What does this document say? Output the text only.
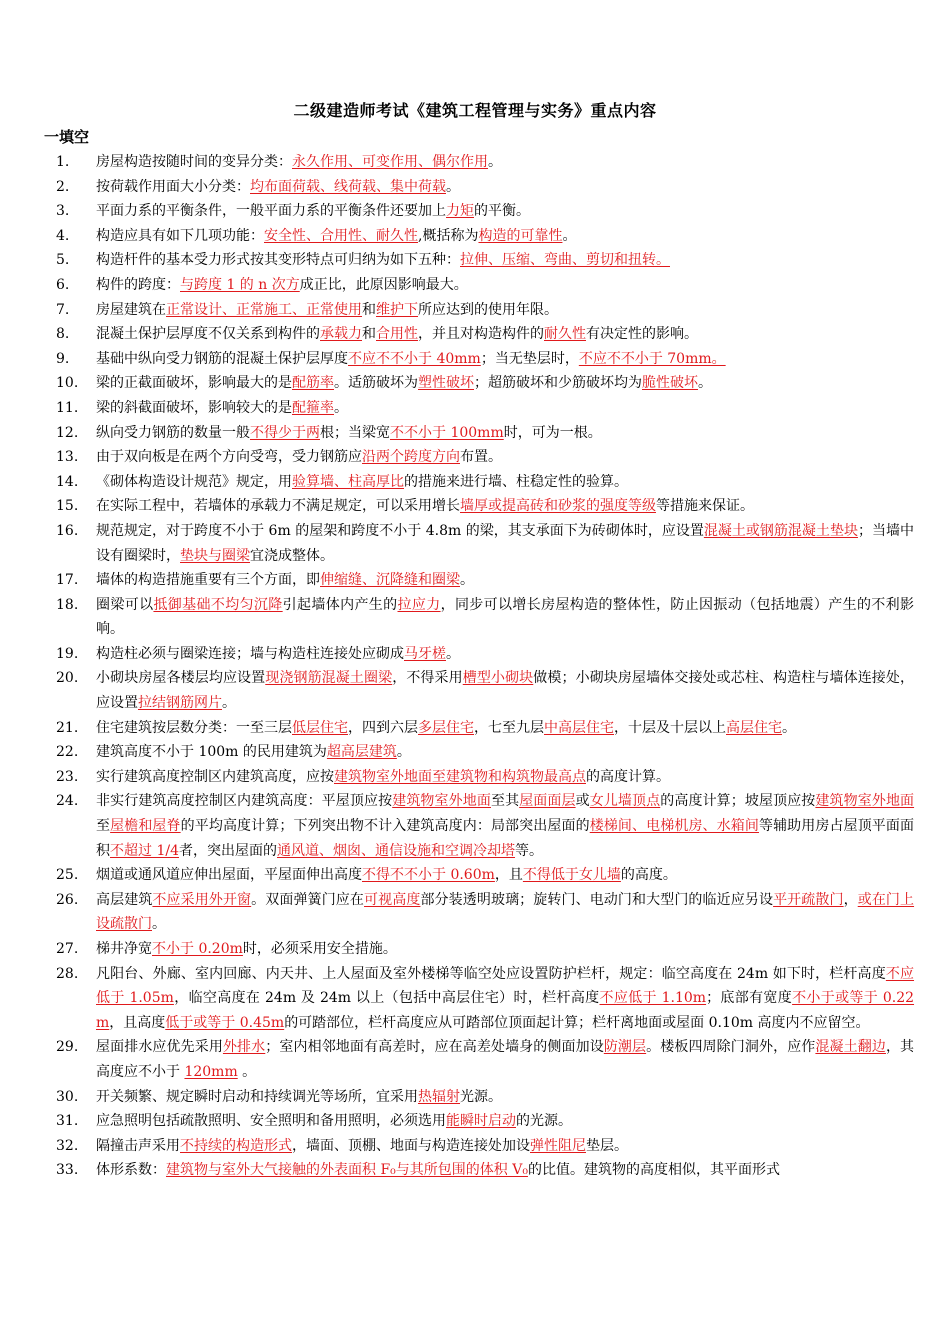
二级建造师考试《建筑工程管理与实务》重点内容
一填空
1.	房屋构造按随时间的变异分类：永久作用、可变作用、偶尔作用。
2.	按荷载作用面大小分类：均布面荷载、线荷载、集中荷载。
3.	平面力系的平衡条件，一般平面力系的平衡条件还要加上力矩的平衡。
4.	构造应具有如下几项功能：安全性、合用性、耐久性,概括称为构造的可靠性。
5.	构造杆件的基本受力形式按其变形特点可归纳为如下五种：拉伸、压缩、弯曲、剪切和扭转。
6.	构件的跨度：与跨度 1 的 n 次方成正比，此原因影响最大。
7.	房屋建筑在正常设计、正常施工、正常使用和维护下所应达到的使用年限。
8.	混凝土保护层厚度不仅关系到构件的承载力和合用性，并且对构造构件的耐久性有决定性的影响。
9.	基础中纵向受力钢筋的混凝土保护层厚度不应不不小于 40mm；当无垫层时，不应不不小于 70mm。
10.	梁的正截面破坏，影响最大的是配筋率。适筋破坏为塑性破坏；超筋破坏和少筋破坏均为脆性破坏。
11.	梁的斜截面破坏，影响较大的是配箍率。
12.	纵向受力钢筋的数量一般不得少于两根；当梁宽不不小于 100mm时，可为一根。
13.	由于双向板是在两个方向受弯，受力钢筋应沿两个跨度方向布置。
14.	《砌体构造设计规范》规定，用验算墙、柱高厚比的措施来进行墙、柱稳定性的验算。
15.	在实际工程中，若墙体的承载力不满足规定，可以采用增长墙厚或提高砖和砂浆的强度等级等措施来保证。
16.	规范规定，对于跨度不小于 6m 的屋架和跨度不小于 4.8m 的梁，其支承面下为砖砌体时，应设置混凝土或钢筋混凝土垫块；当墙中设有圈梁时，垫块与圈梁宜浇成整体。
17.	墙体的构造措施重要有三个方面，即伸缩缝、沉降缝和圈梁。
18.	圈梁可以抵御基础不均匀沉降引起墙体内产生的拉应力，同步可以增长房屋构造的整体性，防止因振动（包括地震）产生的不利影响。
19.	构造柱必须与圈梁连接；墙与构造柱连接处应砌成马牙槎。
20.	小砌块房屋各楼层均应设置现浇钢筋混凝土圈梁，不得采用槽型小砌块做模；小砌块房屋墙体交接处或芯柱、构造柱与墙体连接处，应设置拉结钢筋网片。
21.	住宅建筑按层数分类：一至三层低层住宅，四到六层多层住宅，七至九层中高层住宅，十层及十层以上高层住宅。
22.	建筑高度不小于 100m 的民用建筑为超高层建筑。
23.	实行建筑高度控制区内建筑高度，应按建筑物室外地面至建筑物和构筑物最高点的高度计算。
24.	非实行建筑高度控制区内建筑高度：平屋顶应按建筑物室外地面至其屋面面层或女儿墙顶点的高度计算；坡屋顶应按建筑物室外地面至屋檐和屋脊的平均高度计算；下列突出物不计入建筑高度内：局部突出屋面的楼梯间、电梯机房、水箱间等辅助用房占屋顶平面面积不超过 1/4者，突出屋面的通风道、烟囱、通信设施和空调冷却塔等。
25.	烟道或通风道应伸出屋面，平屋面伸出高度不得不不小于 0.60m，且不得低于女儿墙的高度。
26.	高层建筑不应采用外开窗。双面弹簧门应在可视高度部分装透明玻璃；旋转门、电动门和大型门的临近应另设平开疏散门，或在门上设疏散门。
27.	梯井净宽不小于 0.20m时，必须采用安全措施。
28.	凡阳台、外廊、室内回廊、内天井、上人屋面及室外楼梯等临空处应设置防护栏杆，规定：临空高度在 24m 如下时，栏杆高度不应低于 1.05m，临空高度在 24m 及 24m 以上（包括中高层住宅）时，栏杆高度不应低于 1.10m；底部有宽度不小于或等于 0.22m，且高度低于或等于 0.45m的可踏部位，栏杆高度应从可踏部位顶面起计算；栏杆离地面或屋面 0.10m 高度内不应留空。
29.	屋面排水应优先采用外排水；室内相邻地面有高差时，应在高差处墙身的侧面加设防潮层。楼板四周除门洞外，应作混凝土翻边，其高度应不小于 120mm 。
30.	开关频繁、规定瞬时启动和持续调光等场所，宜采用热辐射光源。
31.	应急照明包括疏散照明、安全照明和备用照明，必须选用能瞬时启动的光源。
32.	隔撞击声采用不持续的构造形式，墙面、顶棚、地面与构造连接处加设弹性阻尼垫层。
33.	体形系数：建筑物与室外大气接触的外表面积 F₀与其所包围的体积 V₀的比值。建筑物的高度相似，其平面形式
